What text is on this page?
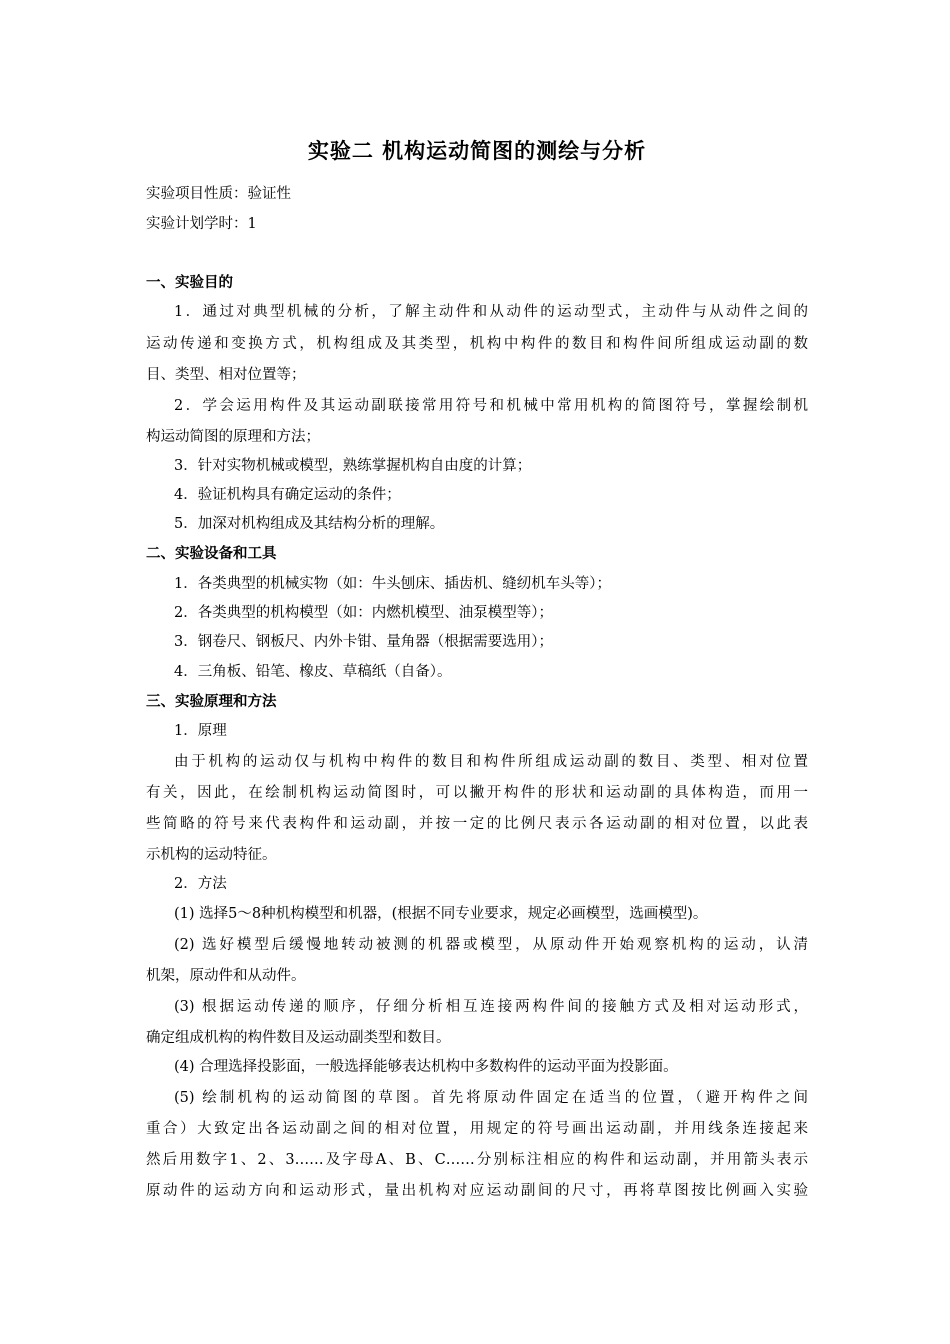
实验二 机构运动简图的测绘与分析
实验项目性质：验证性
实验计划学时：1
一、实验目的
1．通过对典型机械的分析，了解主动件和从动件的运动型式，主动件与从动件之间的
运动传递和变换方式，机构组成及其类型，机构中构件的数目和构件间所组成运动副的数
目、类型、相对位置等；
2．学会运用构件及其运动副联接常用符号和机械中常用机构的简图符号，掌握绘制机
构运动简图的原理和方法；
3．针对实物机械或模型，熟练掌握机构自由度的计算；
4．验证机构具有确定运动的条件；
5．加深对机构组成及其结构分析的理解。
二、实验设备和工具
1．各类典型的机械实物（如：牛头刨床、插齿机、缝纫机车头等）；
2．各类典型的机构模型（如：内燃机模型、油泵模型等）；
3．钢卷尺、钢板尺、内外卡钳、量角器（根据需要选用）；
4．三角板、铅笔、橡皮、草稿纸（自备）。
三、实验原理和方法
1．原理
由于机构的运动仅与机构中构件的数目和构件所组成运动副的数目、类型、相对位置
有关，因此，在绘制机构运动简图时，可以撇开构件的形状和运动副的具体构造，而用一
些简略的符号来代表构件和运动副，并按一定的比例尺表示各运动副的相对位置，以此表
示机构的运动特征。
2．方法
(1) 选择5～8种机构模型和机器，(根据不同专业要求，规定必画模型，选画模型)。
(2) 选好模型后缓慢地转动被测的机器或模型，从原动件开始观察机构的运动，认清
机架，原动件和从动件。
(3) 根据运动传递的顺序，仔细分析相互连接两构件间的接触方式及相对运动形式，
确定组成机构的构件数目及运动副类型和数目。
(4) 合理选择投影面，一般选择能够表达机构中多数构件的运动平面为投影面。
(5) 绘制机构的运动简图的草图。首先将原动件固定在适当的位置，（避开构件之间
重合）大致定出各运动副之间的相对位置，用规定的符号画出运动副，并用线条连接起来
然后用数字1、2、3……及字母A、B、C……分别标注相应的构件和运动副，并用箭头表示
原动件的运动方向和运动形式，量出机构对应运动副间的尺寸，再将草图按比例画入实验
